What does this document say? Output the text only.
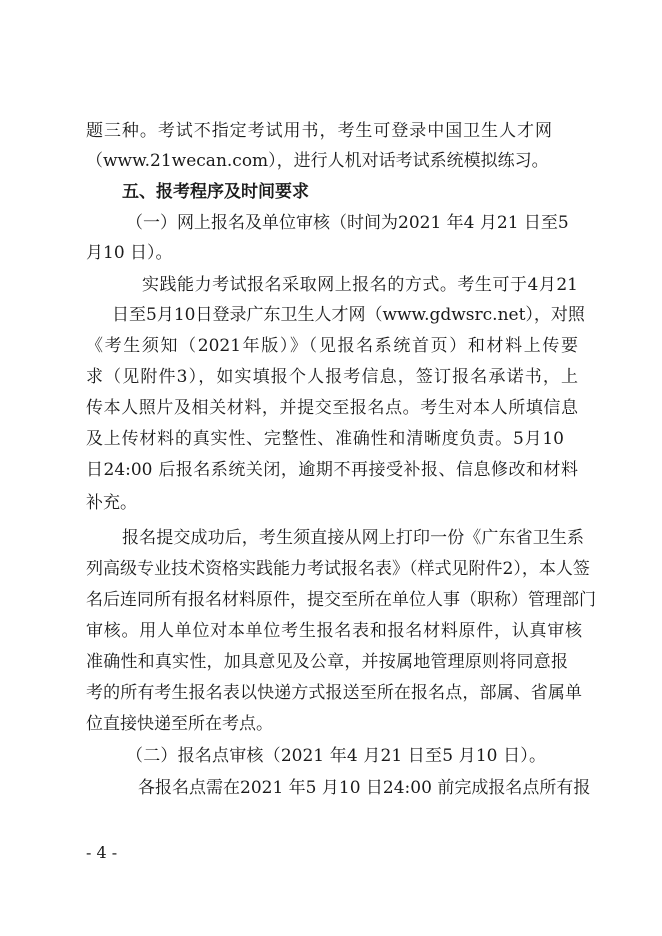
题三种。考试不指定考试用书，考生可登录中国卫生人才网
（www.21wecan.com），进行人机对话考试系统模拟练习。
五、报考程序及时间要求
（一）网上报名及单位审核（时间为2021 年4 月21 日至5
月10 日）。
实践能力考试报名采取网上报名的方式。考生可于4月21
日至5月10日登录广东卫生人才网（www.gdwsrc.net），对照
《考生须知（2021年版）》（见报名系统首页）和材料上传要
求（见附件3），如实填报个人报考信息，签订报名承诺书，上
传本人照片及相关材料，并提交至报名点。考生对本人所填信息
及上传材料的真实性、完整性、准确性和清晰度负责。5月10
日24:00 后报名系统关闭，逾期不再接受补报、信息修改和材料
补充。
报名提交成功后，考生须直接从网上打印一份《广东省卫生系
列高级专业技术资格实践能力考试报名表》（样式见附件2），本人签
名后连同所有报名材料原件，提交至所在单位人事（职称）管理部门
审核。用人单位对本单位考生报名表和报名材料原件，认真审核
准确性和真实性，加具意见及公章，并按属地管理原则将同意报
考的所有考生报名表以快递方式报送至所在报名点，部属、省属单
位直接快递至所在考点。
（二）报名点审核（2021 年4 月21 日至5 月10 日）。
各报名点需在2021 年5 月10 日24:00 前完成报名点所有报
- 4 -
